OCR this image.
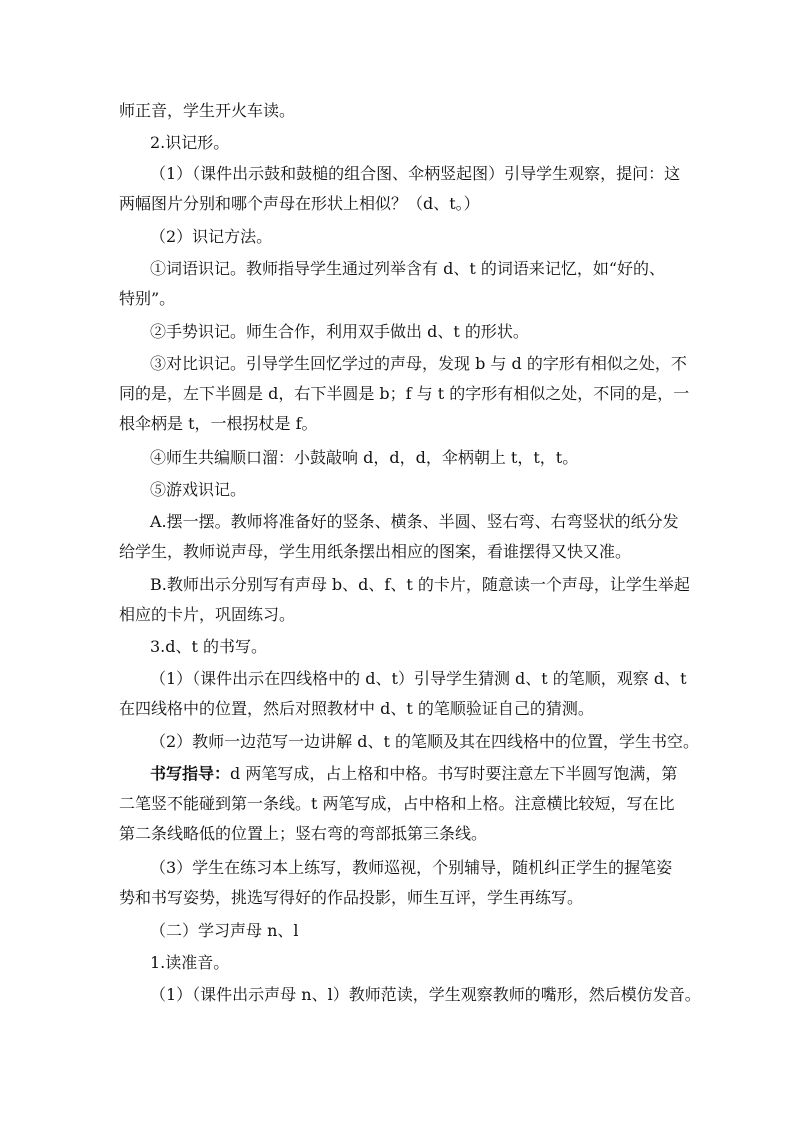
师正音，学生开火车读。

2.识记形。

（1）（课件出示鼓和鼓槌的组合图、伞柄竖起图）引导学生观察，提问：这
两幅图片分别和哪个声母在形状上相似？（d、t。）

（2）识记方法。

①词语识记。教师指导学生通过列举含有 d、t 的词语来记忆，如“好的、
特别”。

②手势识记。师生合作，利用双手做出 d、t 的形状。

③对比识记。引导学生回忆学过的声母，发现 b 与 d 的字形有相似之处，不
同的是，左下半圆是 d，右下半圆是 b；f 与 t 的字形有相似之处，不同的是，一
根伞柄是 t，一根拐杖是 f。

④师生共编顺口溜：小鼓敲响 d，d，d，伞柄朝上 t，t，t。

⑤游戏识记。

A.摆一摆。教师将准备好的竖条、横条、半圆、竖右弯、右弯竖状的纸分发
给学生，教师说声母，学生用纸条摆出相应的图案，看谁摆得又快又准。

B.教师出示分别写有声母 b、d、f、t 的卡片，随意读一个声母，让学生举起
相应的卡片，巩固练习。

3.d、t 的书写。

（1）（课件出示在四线格中的 d、t）引导学生猜测 d、t 的笔顺，观察 d、t
在四线格中的位置，然后对照教材中 d、t 的笔顺验证自己的猜测。

（2）教师一边范写一边讲解 d、t 的笔顺及其在四线格中的位置，学生书空。

书写指导：d 两笔写成，占上格和中格。书写时要注意左下半圆写饱满，第
二笔竖不能碰到第一条线。t 两笔写成，占中格和上格。注意横比较短，写在比
第二条线略低的位置上；竖右弯的弯部抵第三条线。

（3）学生在练习本上练写，教师巡视，个别辅导，随机纠正学生的握笔姿
势和书写姿势，挑选写得好的作品投影，师生互评，学生再练写。

（二）学习声母 n、l

1.读准音。

（1）（课件出示声母 n、l）教师范读，学生观察教师的嘴形，然后模仿发音。
